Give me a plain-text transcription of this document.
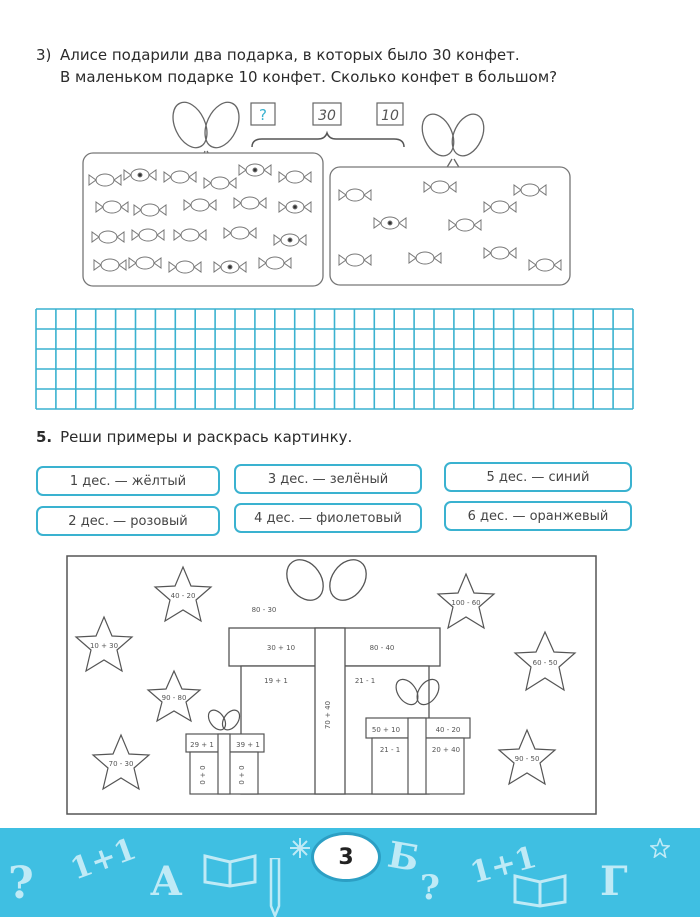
3) Алисе подарили два подарка, в которых было 30 конфет.
В маленьком подарке 10 конфет. Сколько конфет в большом?
?	30	10
5. Реши примеры и раскрась картинку.
1 дес. — жёлтый	3 дес. — зелёный	5 дес. — синий
2 дес. — розовый	4 дес. — фиолетовый	6 дес. — оранжевый
40 - 20
10 + 30
90 - 80
70 - 30
100 - 60
60 - 50
90 - 50
80 - 30
30 + 10	80 - 40
19 + 1	21 - 1
70 + 40
29 + 1	39 + 1
0 + 0	0 + 0
50 + 10	40 - 20
21 - 1	20 + 40
? 1+1 А
Б
? 1+1 Г
3
